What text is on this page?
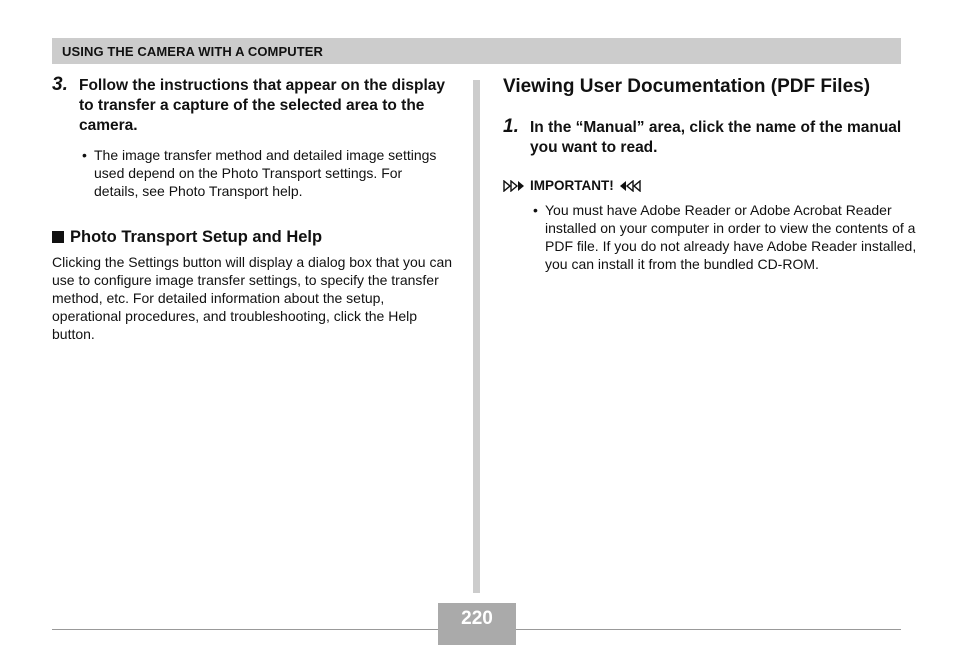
USING THE CAMERA WITH A COMPUTER
3. Follow the instructions that appear on the display to transfer a capture of the selected area to the camera.
• The image transfer method and detailed image settings used depend on the Photo Transport settings. For details, see Photo Transport help.
Photo Transport Setup and Help
Clicking the Settings button will display a dialog box that you can use to configure image transfer settings, to specify the transfer method, etc. For detailed information about the setup, operational procedures, and troubleshooting, click the Help button.
Viewing User Documentation (PDF Files)
1. In the “Manual” area, click the name of the manual you want to read.
IMPORTANT!
• You must have Adobe Reader or Adobe Acrobat Reader installed on your computer in order to view the contents of a PDF file. If you do not already have Adobe Reader installed, you can install it from the bundled CD-ROM.
220
